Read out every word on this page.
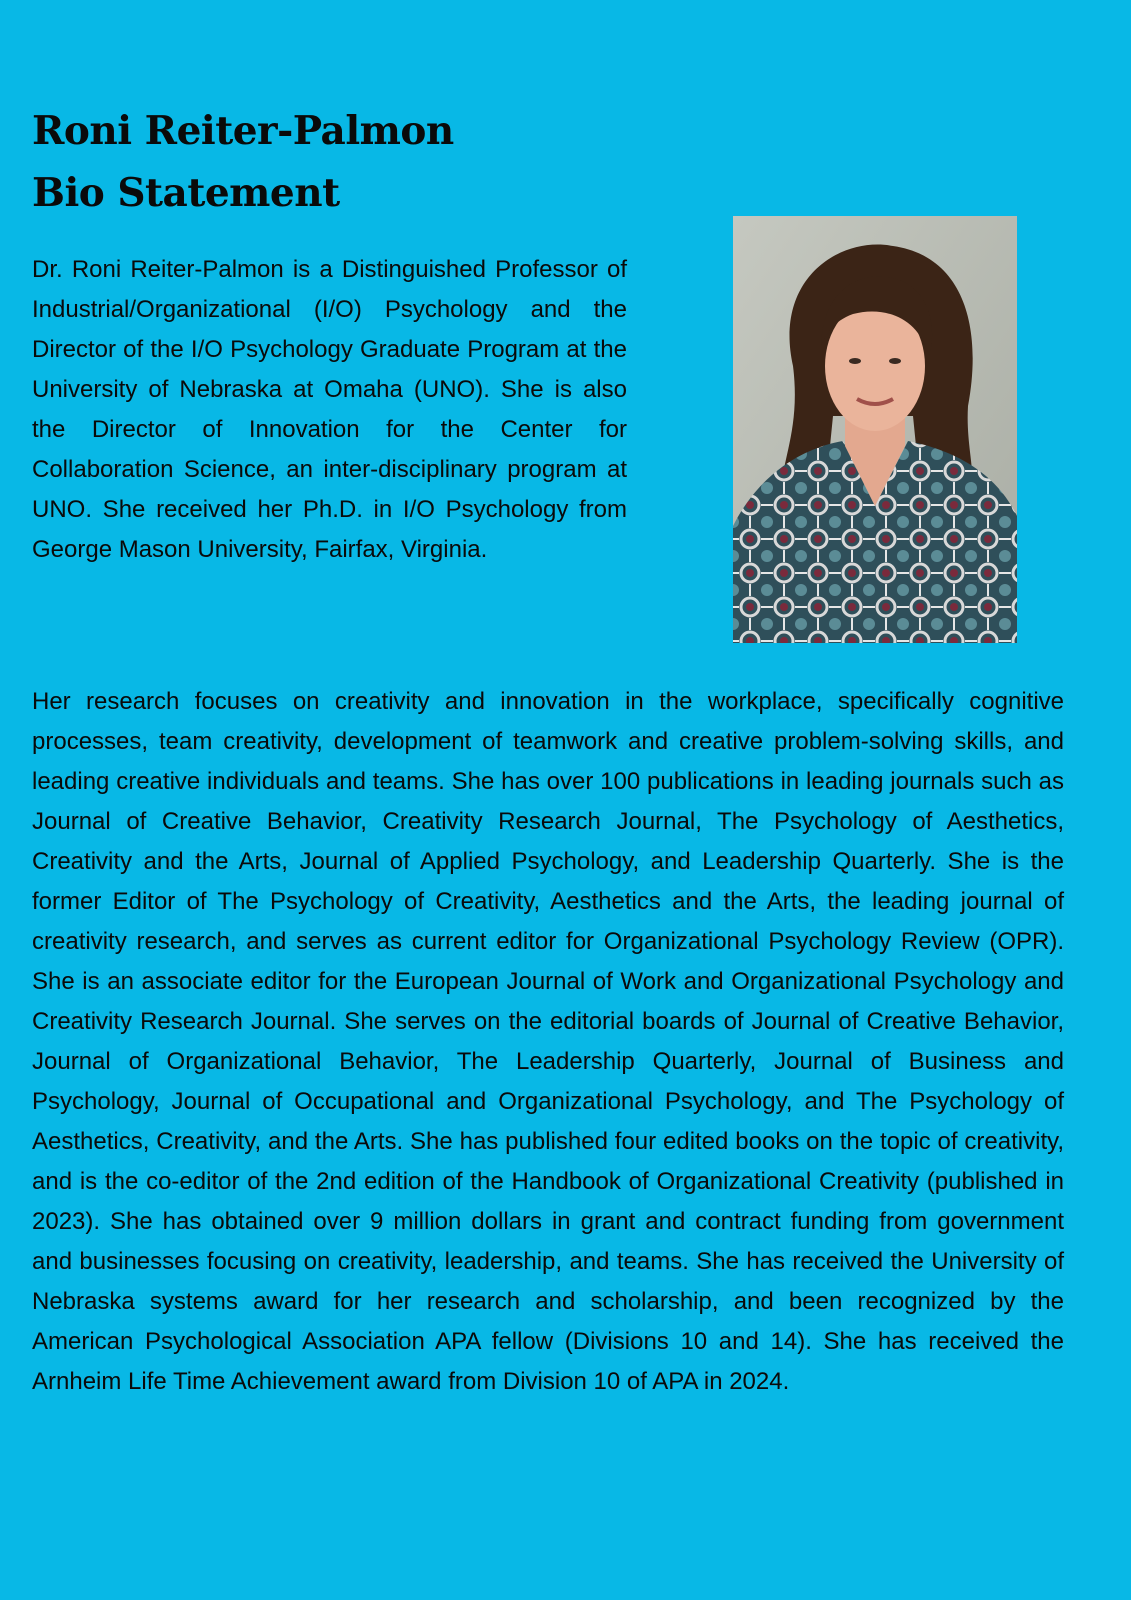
Roni Reiter-Palmon
Bio Statement

Dr. Roni Reiter-Palmon is a Distinguished Professor of Industrial/Organizational (I/O) Psychology and the Director of the I/O Psychology Graduate Program at the University of Nebraska at Omaha (UNO). She is also the Director of Innovation for the Center for Collaboration Science, an inter-disciplinary program at UNO. She received her Ph.D. in I/O Psychology from George Mason University, Fairfax, Virginia.

Her research focuses on creativity and innovation in the workplace, specifically cognitive processes, team creativity, development of teamwork and creative problem-solving skills, and leading creative individuals and teams. She has over 100 publications in leading journals such as Journal of Creative Behavior, Creativity Research Journal, The Psychology of Aesthetics, Creativity and the Arts, Journal of Applied Psychology, and Leadership Quarterly. She is the former Editor of The Psychology of Creativity, Aesthetics and the Arts, the leading journal of creativity research, and serves as current editor for Organizational Psychology Review (OPR). She is an associate editor for the European Journal of Work and Organizational Psychology and Creativity Research Journal. She serves on the editorial boards of Journal of Creative Behavior, Journal of Organizational Behavior, The Leadership Quarterly, Journal of Business and Psychology, Journal of Occupational and Organizational Psychology, and The Psychology of Aesthetics, Creativity, and the Arts. She has published four edited books on the topic of creativity, and is the co-editor of the 2nd edition of the Handbook of Organizational Creativity (published in 2023). She has obtained over 9 million dollars in grant and contract funding from government and businesses focusing on creativity, leadership, and teams. She has received the University of Nebraska systems award for her research and scholarship, and been recognized by the American Psychological Association APA fellow (Divisions 10 and 14). She has received the Arnheim Life Time Achievement award from Division 10 of APA in 2024.
